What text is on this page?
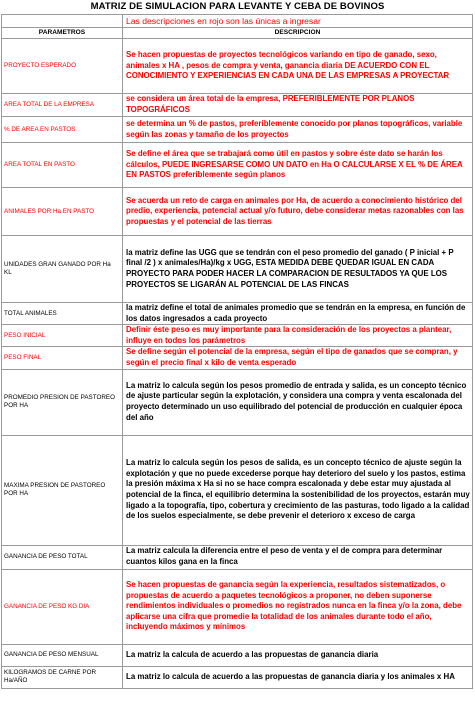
MATRIZ DE SIMULACION PARA LEVANTE Y CEBA DE BOVINOS
	Las descripciones en rojo son las únicas a ingresar
PARAMETROS	DESCRIPCION
PROYECTO ESPERADO	Se hacen propuestas de proyectos tecnológicos variando en tipo de ganado, sexo, animales x HA , pesos de compra y venta, ganancia diaria DE ACUERDO CON EL CONOCIMIENTO Y EXPERIENCIAS EN CADA UNA DE LAS EMPRESAS A PROYECTAR
AREA TOTAL DE LA EMPRESA	se considera un área total de la empresa, PREFERIBLEMENTE POR PLANOS TOPOGRÁFICOS
% DE AREA EN PASTOS	se determina un % de pastos, preferiblemente conocido por planos topográficos, variable según las zonas y tamaño de los proyectos
AREA TOTAL EN PASTO	Se define el área que se trabajará como útil en pastos y sobre éste dato se harán los cálculos, PUEDE INGRESARSE COMO UN DATO en Ha O CALCULARSE X EL % DE ÁREA EN PASTOS preferiblemente según planos
ANIMALES POR Ha EN PASTO	Se acuerda un reto de carga en animales por Ha, de acuerdo a conocimiento histórico del predio, experiencia, potencial actual y/o futuro, debe considerar metas razonables con las propuestas y el potencial de las tierras
UNIDADES GRAN GANADO POR Ha KL	la matriz define las UGG que se tendrán con el peso promedio del ganado ( P inicial + P final /2 ) x animales/Ha)/kg x UGG, ESTA MEDIDA DEBE QUEDAR IGUAL EN CADA PROYECTO PARA PODER HACER LA COMPARACION DE RESULTADOS YA QUE LOS PROYECTOS SE LIGARÁN AL POTENCIAL DE LAS FINCAS
TOTAL ANIMALES	la matriz define el total de animales promedio que se tendrán en la empresa, en función de los datos ingresados a cada proyecto
PESO INICIAL	Definir éste peso es muy importante para la consideración de los proyectos a plantear, influye en todos los parámetros
PESO FINAL	Se define según el potencial de la empresa, según el tipo de ganados que se compran, y según el precio final x kilo de venta esperado
PROMEDIO PRESION DE PASTOREO POR HA	La matriz lo calcula según los pesos promedio de entrada y salida, es un concepto técnico de ajuste particular según la explotación, y considera una compra y venta escalonada del proyecto determinado un uso equilibrado del potencial de producción en cualquier época del año
MAXIMA PRESION DE PASTOREO POR HA	La matriz lo calcula según los pesos de salida, es un concepto técnico de ajuste según la explotación y que no puede excederse porque hay deterioro del suelo y los pastos, estima la presión máxima x Ha si no se hace compra escalonada y debe estar muy ajustada al potencial de la finca, el equilibrio determina la sostenibilidad de los proyectos, estarán muy ligado a la topografía, tipo, cobertura y crecimiento de las pasturas, todo ligado a la calidad de los suelos especialmente, se debe prevenir el deterioro x exceso de carga
GANANCIA DE PESO TOTAL	La matriz calcula la diferencia entre el peso de venta y el de compra para determinar cuantos kilos gana en la finca
GANANCIA DE PESO KG DIA	Se hacen propuestas de ganancia según la experiencia, resultados sistematizados, o propuestas de acuerdo a paquetes tecnológicos a proponer, no deben suponerse rendimientos individuales o promedios no registrados nunca en la finca y/o la zona, debe aplicarse una cifra que promedie la totalidad de los animales durante todo el año, incluyendo máximos y mínimos
GANANCIA DE PESO MENSUAL	La matriz la calcula de acuerdo a las propuestas de ganancia diaria
KILOGRAMOS DE CARNE POR Ha/AÑO	La matriz lo calcula de acuerdo a las propuestas de ganancia diaria y los animales x HA
